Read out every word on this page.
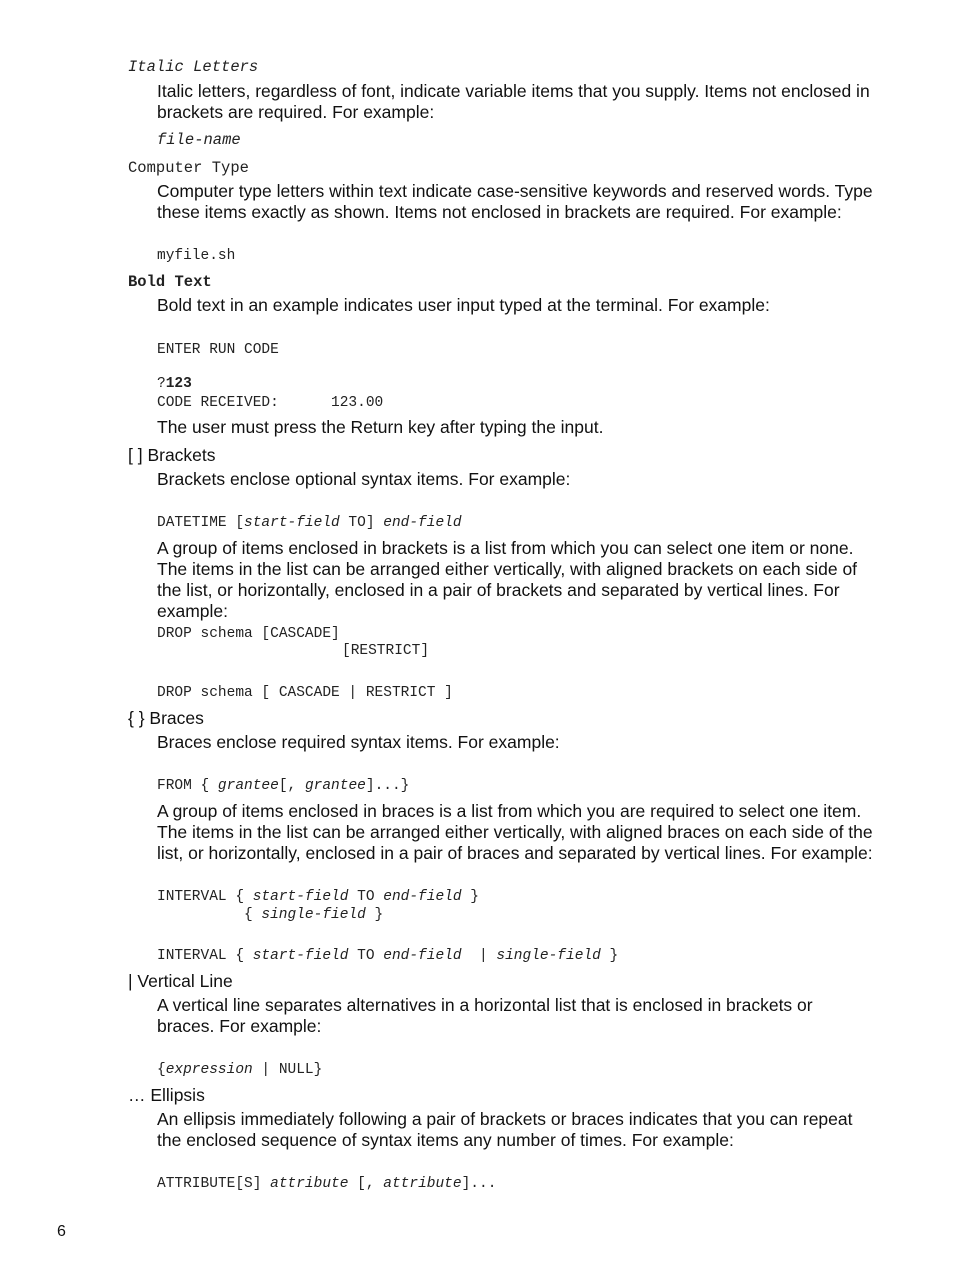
Italic Letters
Italic letters, regardless of font, indicate variable items that you supply. Items not enclosed in brackets are required. For example:
file-name
Computer Type
Computer type letters within text indicate case-sensitive keywords and reserved words. Type these items exactly as shown. Items not enclosed in brackets are required. For example:
myfile.sh
Bold Text
Bold text in an example indicates user input typed at the terminal. For example:
ENTER RUN CODE
?123
CODE RECEIVED:      123.00
The user must press the Return key after typing the input.
[ ] Brackets
Brackets enclose optional syntax items. For example:
DATETIME [start-field TO] end-field
A group of items enclosed in brackets is a list from which you can select one item or none. The items in the list can be arranged either vertically, with aligned brackets on each side of the list, or horizontally, enclosed in a pair of brackets and separated by vertical lines. For example:
DROP schema [CASCADE]
[RESTRICT]
DROP schema [ CASCADE | RESTRICT ]
{ } Braces
Braces enclose required syntax items. For example:
FROM { grantee[, grantee]...}
A group of items enclosed in braces is a list from which you are required to select one item. The items in the list can be arranged either vertically, with aligned braces on each side of the list, or horizontally, enclosed in a pair of braces and separated by vertical lines. For example:
INTERVAL { start-field TO end-field }
{ single-field }
INTERVAL { start-field TO end-field  | single-field }
| Vertical Line
A vertical line separates alternatives in a horizontal list that is enclosed in brackets or braces. For example:
{expression | NULL}
… Ellipsis
An ellipsis immediately following a pair of brackets or braces indicates that you can repeat the enclosed sequence of syntax items any number of times. For example:
ATTRIBUTE[S] attribute [, attribute]...
6
